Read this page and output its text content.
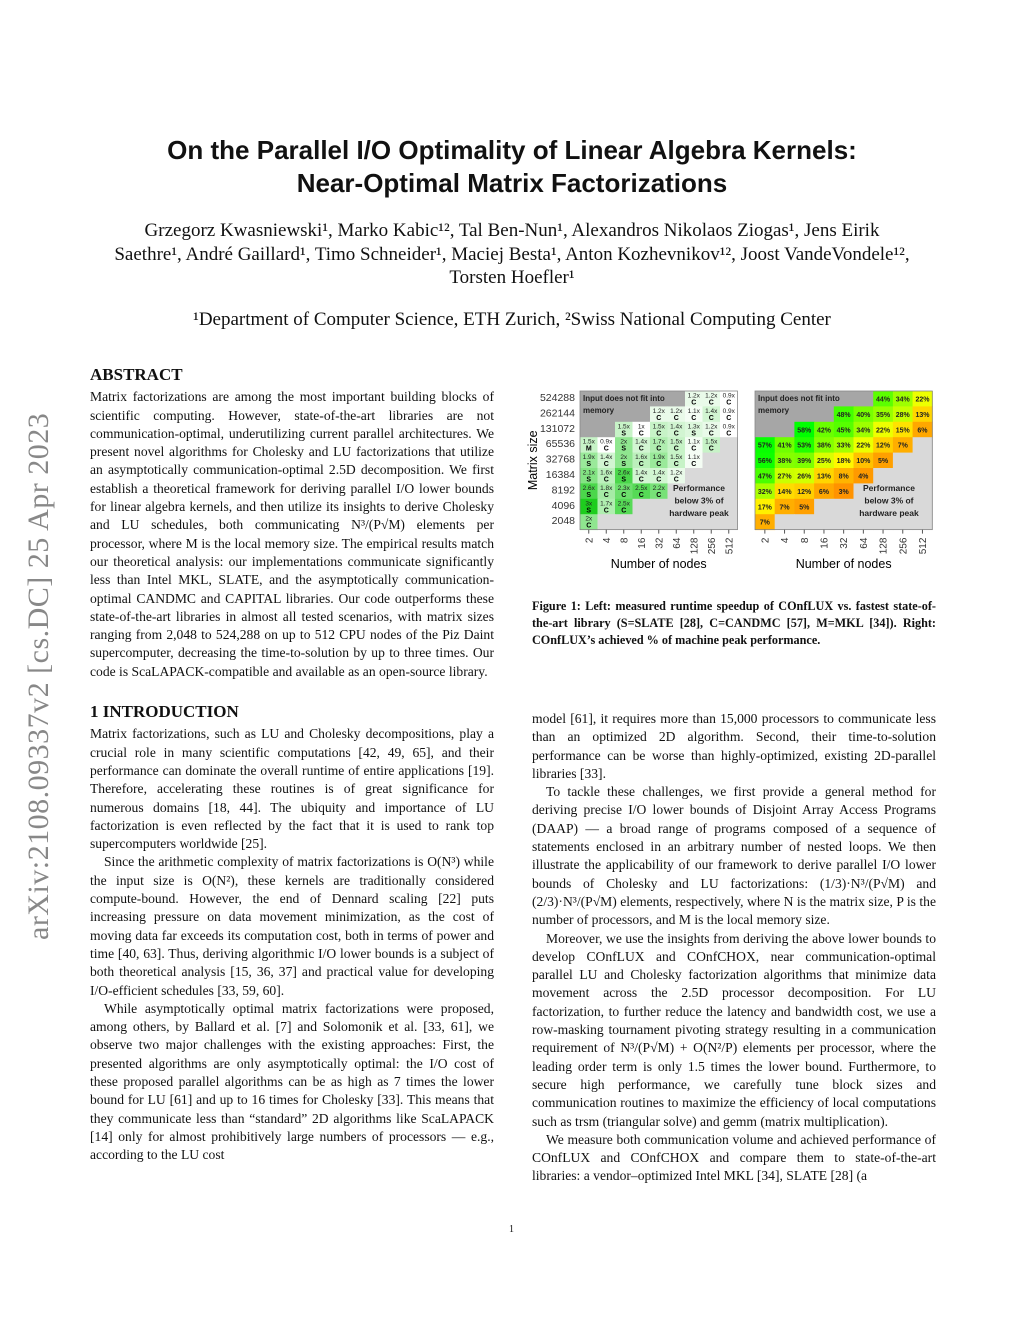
On the Parallel I/O Optimality of Linear Algebra Kernels:
Near-Optimal Matrix Factorizations
Grzegorz Kwasniewski¹, Marko Kabic¹², Tal Ben-Nun¹, Alexandros Nikolaos Ziogas¹, Jens Eirik Saethre¹, André Gaillard¹, Timo Schneider¹, Maciej Besta¹, Anton Kozhevnikov¹², Joost VandeVondele¹², Torsten Hoefler¹
¹Department of Computer Science, ETH Zurich, ²Swiss National Computing Center
arXiv:2108.09337v2 [cs.DC] 25 Apr 2023
ABSTRACT

Matrix factorizations are among the most important building blocks of scientific computing. However, state-of-the-art libraries are not communication-optimal, underutilizing current parallel architectures. We present novel algorithms for Cholesky and LU factorizations that utilize an asymptotically communication-optimal 2.5D decomposition. We first establish a theoretical framework for deriving parallel I/O lower bounds for linear algebra kernels, and then utilize its insights to derive Cholesky and LU schedules, both communicating N³/(P√M) elements per processor, where M is the local memory size. The empirical results match our theoretical analysis: our implementations communicate significantly less than Intel MKL, SLATE, and the asymptotically communication-optimal CANDMC and CAPITAL libraries. Our code outperforms these state-of-the-art libraries in almost all tested scenarios, with matrix sizes ranging from 2,048 to 524,288 on up to 512 CPU nodes of the Piz Daint supercomputer, decreasing the time-to-solution by up to three times. Our code is ScaLAPACK-compatible and available as an open-source library.

1 INTRODUCTION

Matrix factorizations, such as LU and Cholesky decompositions, play a crucial role in many scientific computations [42, 49, 65], and their performance can dominate the overall runtime of entire applications [19]. Therefore, accelerating these routines is of great significance for numerous domains [18, 44]. The ubiquity and importance of LU factorization is even reflected by the fact that it is used to rank top supercomputers worldwide [25].

Since the arithmetic complexity of matrix factorizations is O(N³) while the input size is O(N²), these kernels are traditionally considered compute-bound. However, the end of Dennard scaling [22] puts increasing pressure on data movement minimization, as the cost of moving data far exceeds its computation cost, both in terms of power and time [40, 63]. Thus, deriving algorithmic I/O lower bounds is a subject of both theoretical analysis [15, 36, 37] and practical value for developing I/O-efficient schedules [33, 59, 60].

While asymptotically optimal matrix factorizations were proposed, among others, by Ballard et al. [7] and Solomonik et al. [33, 61], we observe two major challenges with the existing approaches: First, the presented algorithms are only asymptotically optimal: the I/O cost of these proposed parallel algorithms can be as high as 7 times the lower bound for LU [61] and up to 16 times for Cholesky [33]. This means that they communicate less than “standard” 2D algorithms like ScaLAPACK [14] only for almost prohibitively large numbers of processors — e.g., according to the LU cost

1.2x
C
1.2x
C
0.9x
C
1.2x
C
1.2x
C
1.1x
C
1.4x
C
0.9x
C
1.5x
S
1x
C
1.5x
C
1.4x
C
1.3x
S
1.2x
C
0.9x
C
1.5x
M
0.9x
C
2x
S
1.4x
C
1.7x
C
1.5x
C
1.1x
C
1.5x
C
1.9x
S
1.4x
C
2x
S
1.6x
C
1.9x
C
1.5x
C
1.1x
C
2.1x
S
1.6x
C
2.6x
S
1.4x
C
1.4x
C
1.2x
C
2.6x
S
1.8x
C
2.3x
C
2.5x
C
2.2x
C
3x
S
1.7x
C
2.5x
C
2x
C
Input does not fit into
memory
Performance
below 3% of
hardware peak
524288
262144
131072
65536
32768
16384
8192
4096
2048
Matrix size
2 4 8 16 32 64 128 256 512
Number of nodes
44% 34% 22%
48% 40% 35% 28% 13%
58% 42% 45% 34% 22% 15% 6%
57% 41% 53% 38% 33% 22% 12% 7%
56% 38% 39% 25% 18% 10% 5%
47% 27% 26% 13% 8% 4%
32% 14% 12% 6% 3%
17% 7% 5%
7%
Input does not fit into
memory
Performance
below 3% of
hardware peak
2 4 8 16 32 64 128 256 512
Number of nodes
Figure 1: Left: measured runtime speedup of COnfLUX vs. fastest state-of-the-art library (S=SLATE [28], C=CANDMC [57], M=MKL [34]). Right: COnfLUX’s achieved % of machine peak performance.

model [61], it requires more than 15,000 processors to communicate less than an optimized 2D algorithm. Second, their time-to-solution performance can be worse than highly-optimized, existing 2D-parallel libraries [33].

To tackle these challenges, we first provide a general method for deriving precise I/O lower bounds of Disjoint Array Access Programs (DAAP) — a broad range of programs composed of a sequence of statements enclosed in an arbitrary number of nested loops. We then illustrate the applicability of our framework to derive parallel I/O lower bounds of Cholesky and LU factorizations: (1/3)·N³/(P√M) and (2/3)·N³/(P√M) elements, respectively, where N is the matrix size, P is the number of processors, and M is the local memory size.

Moreover, we use the insights from deriving the above lower bounds to develop COnfLUX and COnfCHOX, near communication-optimal parallel LU and Cholesky factorization algorithms that minimize data movement across the 2.5D processor decomposition. For LU factorization, to further reduce the latency and bandwidth cost, we use a row-masking tournament pivoting strategy resulting in a communication requirement of N³/(P√M) + O(N²/P) elements per processor, where the leading order term is only 1.5 times the lower bound. Furthermore, to secure high performance, we carefully tune block sizes and communication routines to maximize the efficiency of local computations such as trsm (triangular solve) and gemm (matrix multiplication).

We measure both communication volume and achieved performance of COnfLUX and COnfCHOX and compare them to state-of-the-art libraries: a vendor–optimized Intel MKL [34], SLATE [28] (a

1
